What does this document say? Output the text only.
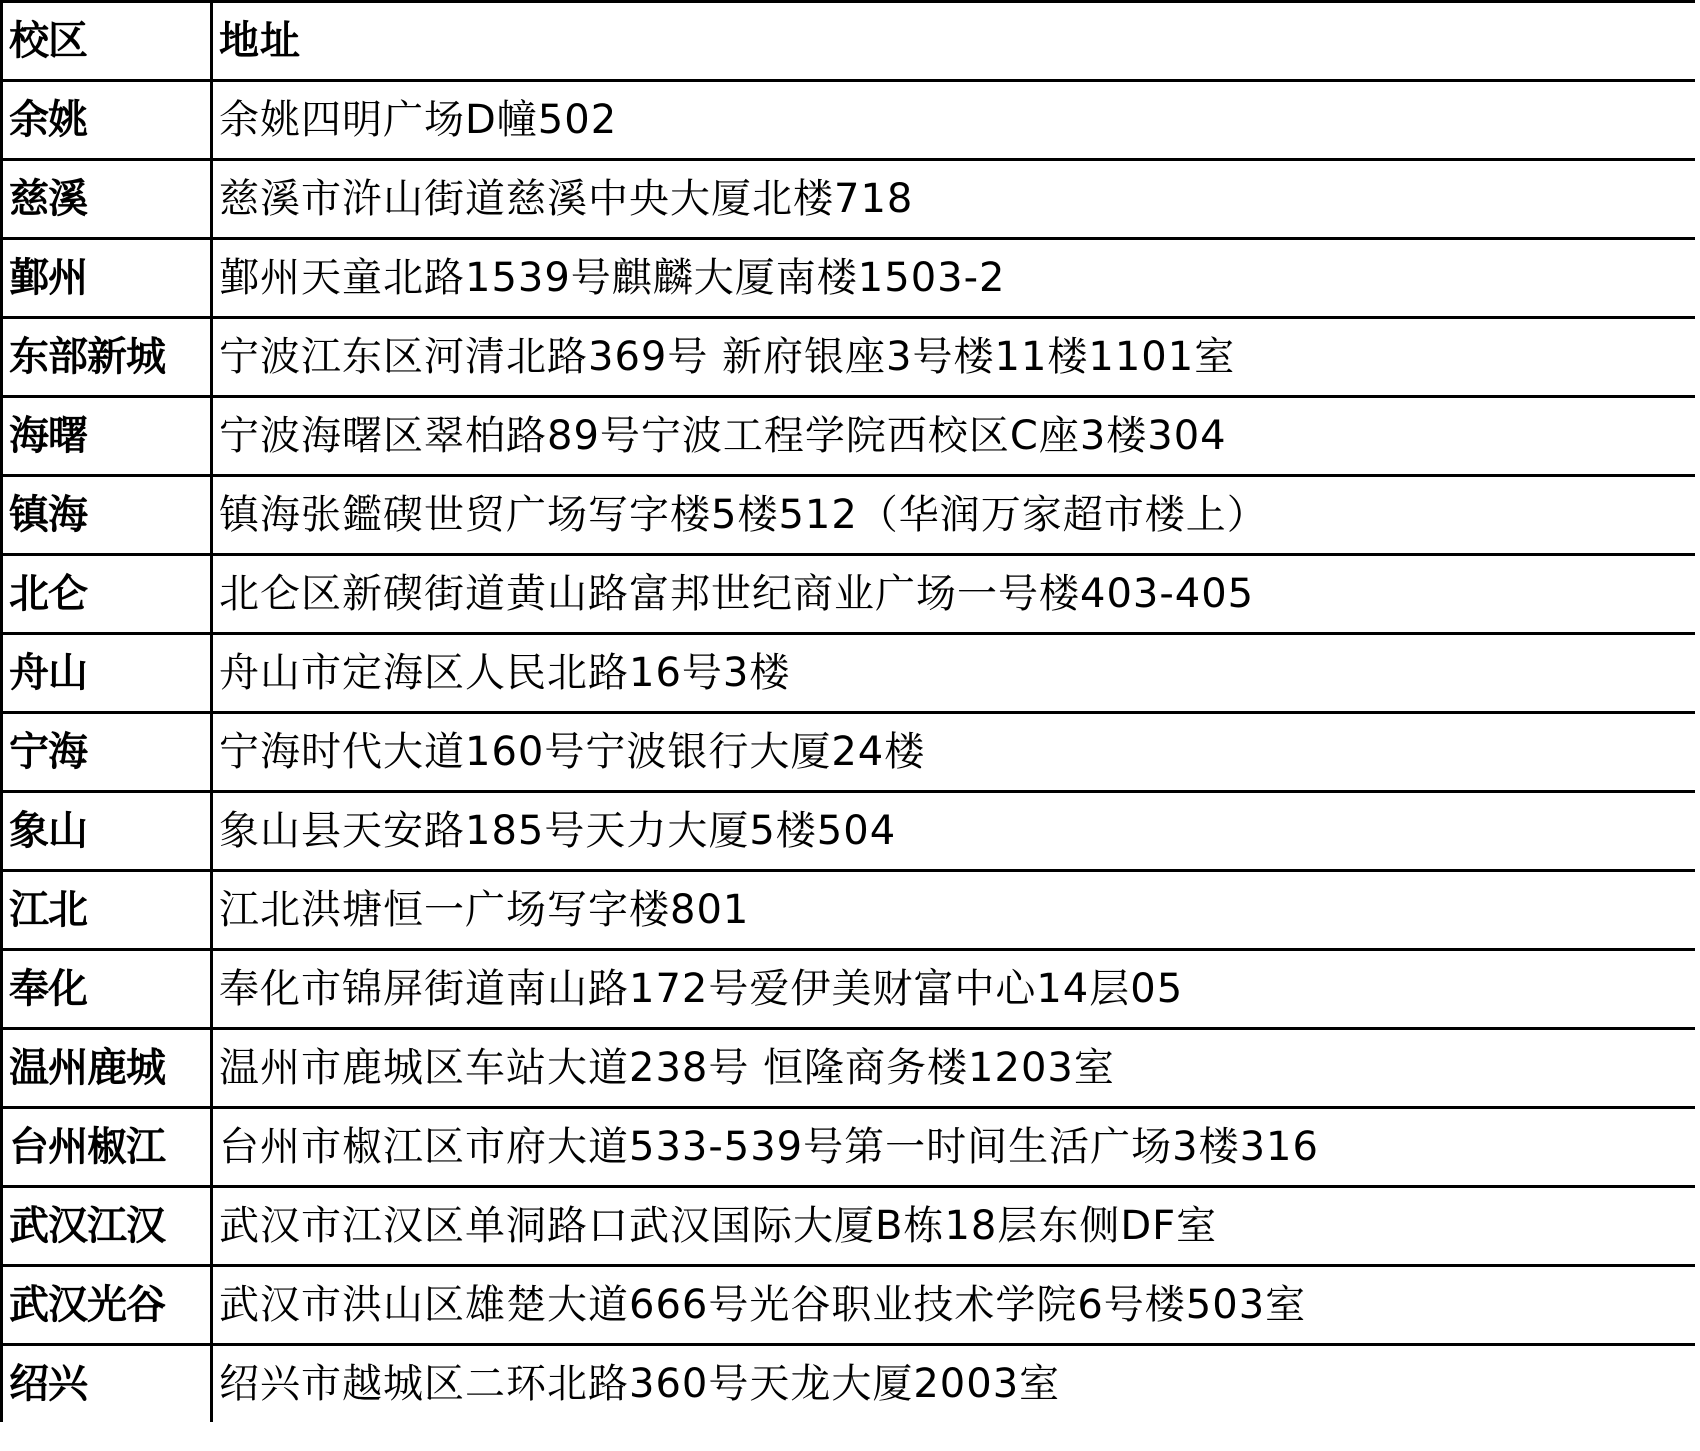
校区	地址
余姚	余姚四明广场D幢502
慈溪	慈溪市浒山街道慈溪中央大厦北楼718
鄞州	鄞州天童北路1539号麒麟大厦南楼1503-2
东部新城	宁波江东区河清北路369号 新府银座3号楼11楼1101室
海曙	宁波海曙区翠柏路89号宁波工程学院西校区C座3楼304
镇海	镇海张鑑碶世贸广场写字楼5楼512（华润万家超市楼上）
北仑	北仑区新碶街道黄山路富邦世纪商业广场一号楼403-405
舟山	舟山市定海区人民北路16号3楼
宁海	宁海时代大道160号宁波银行大厦24楼
象山	象山县天安路185号天力大厦5楼504
江北	江北洪塘恒一广场写字楼801
奉化	奉化市锦屏街道南山路172号爱伊美财富中心14层05
温州鹿城	温州市鹿城区车站大道238号 恒隆商务楼1203室
台州椒江	台州市椒江区市府大道533-539号第一时间生活广场3楼316
武汉江汉	武汉市江汉区单洞路口武汉国际大厦B栋18层东侧DF室
武汉光谷	武汉市洪山区雄楚大道666号光谷职业技术学院6号楼503室
绍兴	绍兴市越城区二环北路360号天龙大厦2003室
